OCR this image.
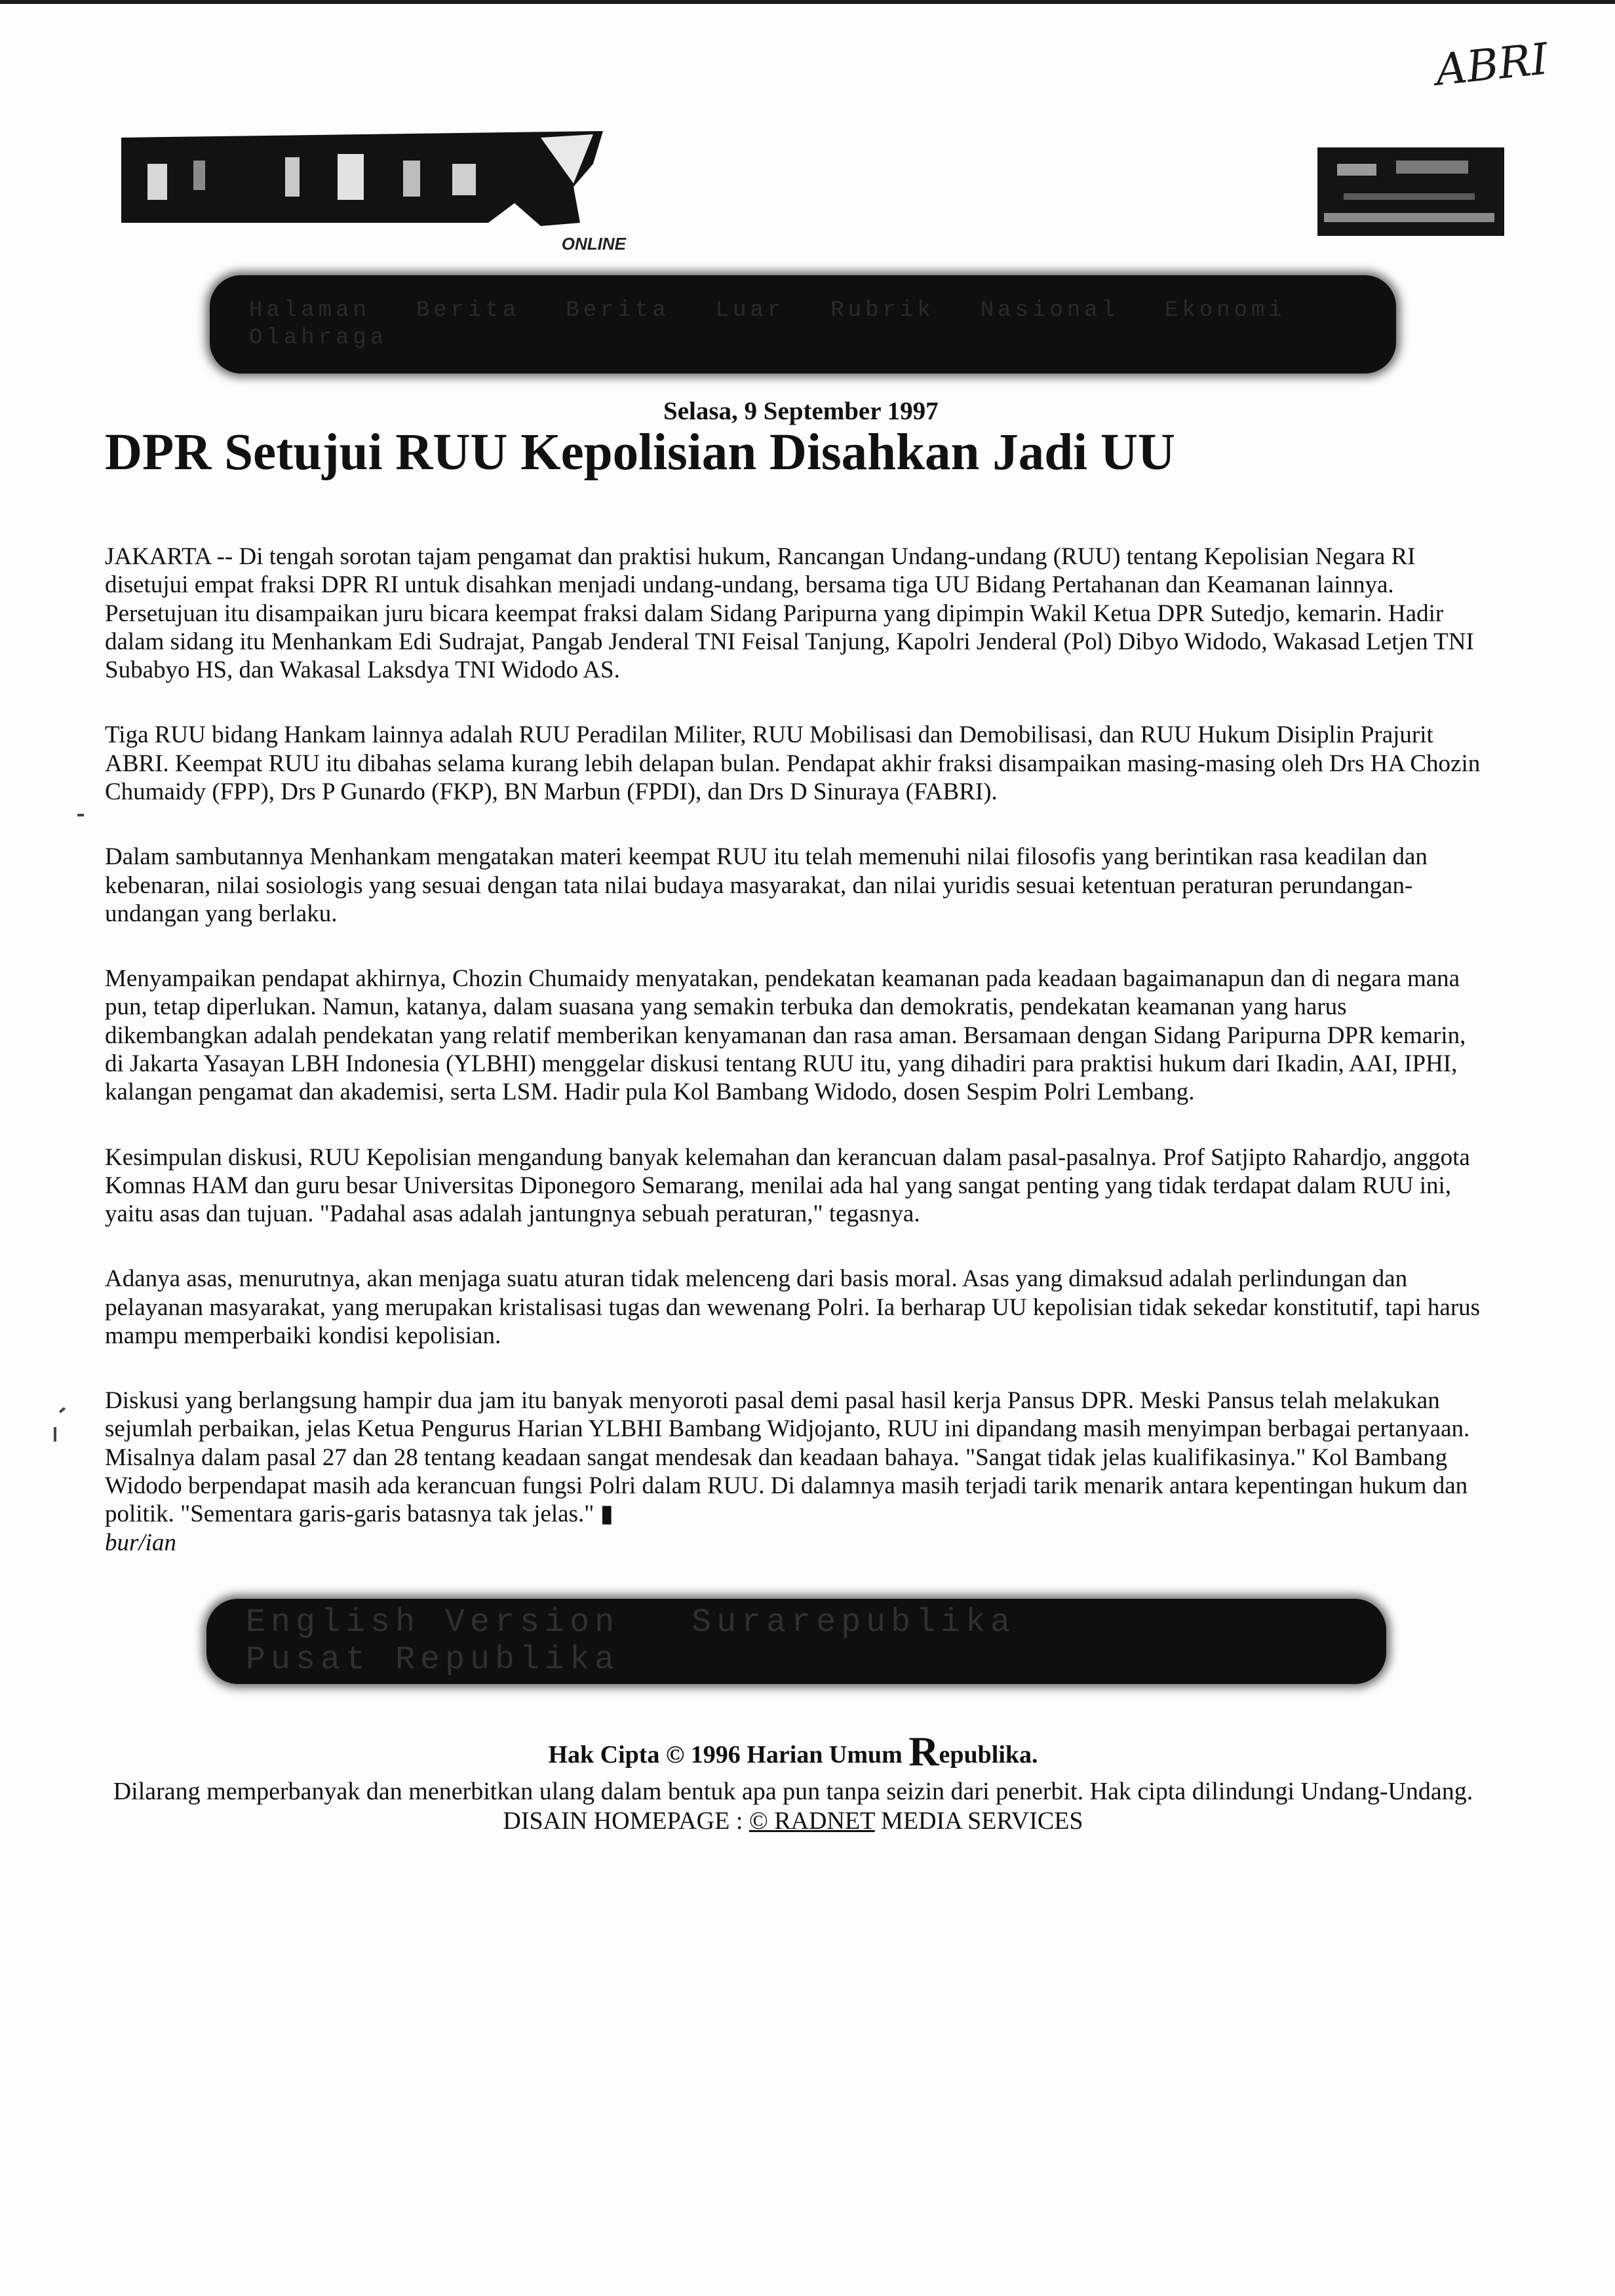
ABRI
ONLINE
Halaman Berita Berita Luar Rubrik Nasional Ekonomi
Olahraga
Selasa, 9 September 1997
DPR Setujui RUU Kepolisian Disahkan Jadi UU

JAKARTA -- Di tengah sorotan tajam pengamat dan praktisi hukum, Rancangan Undang-undang (RUU) tentang Kepolisian Negara RI disetujui empat fraksi DPR RI untuk disahkan menjadi undang-undang, bersama tiga UU Bidang Pertahanan dan Keamanan lainnya. Persetujuan itu disampaikan juru bicara keempat fraksi dalam Sidang Paripurna yang dipimpin Wakil Ketua DPR Sutedjo, kemarin. Hadir dalam sidang itu Menhankam Edi Sudrajat, Pangab Jenderal TNI Feisal Tanjung, Kapolri Jenderal (Pol) Dibyo Widodo, Wakasad Letjen TNI Subabyo HS, dan Wakasal Laksdya TNI Widodo AS.

Tiga RUU bidang Hankam lainnya adalah RUU Peradilan Militer, RUU Mobilisasi dan Demobilisasi, dan RUU Hukum Disiplin Prajurit ABRI. Keempat RUU itu dibahas selama kurang lebih delapan bulan. Pendapat akhir fraksi disampaikan masing-masing oleh Drs HA Chozin Chumaidy (FPP), Drs P Gunardo (FKP), BN Marbun (FPDI), dan Drs D Sinuraya (FABRI).

Dalam sambutannya Menhankam mengatakan materi keempat RUU itu telah memenuhi nilai filosofis yang berintikan rasa keadilan dan kebenaran, nilai sosiologis yang sesuai dengan tata nilai budaya masyarakat, dan nilai yuridis sesuai ketentuan peraturan perundangan-undangan yang berlaku.

Menyampaikan pendapat akhirnya, Chozin Chumaidy menyatakan, pendekatan keamanan pada keadaan bagaimanapun dan di negara mana pun, tetap diperlukan. Namun, katanya, dalam suasana yang semakin terbuka dan demokratis, pendekatan keamanan yang harus dikembangkan adalah pendekatan yang relatif memberikan kenyamanan dan rasa aman. Bersamaan dengan Sidang Paripurna DPR kemarin, di Jakarta Yasayan LBH Indonesia (YLBHI) menggelar diskusi tentang RUU itu, yang dihadiri para praktisi hukum dari Ikadin, AAI, IPHI, kalangan pengamat dan akademisi, serta LSM. Hadir pula Kol Bambang Widodo, dosen Sespim Polri Lembang.

Kesimpulan diskusi, RUU Kepolisian mengandung banyak kelemahan dan kerancuan dalam pasal-pasalnya. Prof Satjipto Rahardjo, anggota Komnas HAM dan guru besar Universitas Diponegoro Semarang, menilai ada hal yang sangat penting yang tidak terdapat dalam RUU ini, yaitu asas dan tujuan. "Padahal asas adalah jantungnya sebuah peraturan," tegasnya.

Adanya asas, menurutnya, akan menjaga suatu aturan tidak melenceng dari basis moral. Asas yang dimaksud adalah perlindungan dan pelayanan masyarakat, yang merupakan kristalisasi tugas dan wewenang Polri. Ia berharap UU kepolisian tidak sekedar konstitutif, tapi harus mampu memperbaiki kondisi kepolisian.

Diskusi yang berlangsung hampir dua jam itu banyak menyoroti pasal demi pasal hasil kerja Pansus DPR. Meski Pansus telah melakukan sejumlah perbaikan, jelas Ketua Pengurus Harian YLBHI Bambang Widjojanto, RUU ini dipandang masih menyimpan berbagai pertanyaan. Misalnya dalam pasal 27 dan 28 tentang keadaan sangat mendesak dan keadaan bahaya. "Sangat tidak jelas kualifikasinya." Kol Bambang Widodo berpendapat masih ada kerancuan fungsi Polri dalam RUU. Di dalamnya masih terjadi tarik menarik antara kepentingan hukum dan politik. "Sementara garis-garis batasnya tak jelas." ▮

bur/ian
English Version Surarepublika
Pusat Republika
Hak Cipta © 1996 Harian Umum Republika.
Dilarang memperbanyak dan menerbitkan ulang dalam bentuk apa pun tanpa seizin dari penerbit. Hak cipta dilindungi Undang-Undang.
DISAIN HOMEPAGE : © RADNET MEDIA SERVICES
